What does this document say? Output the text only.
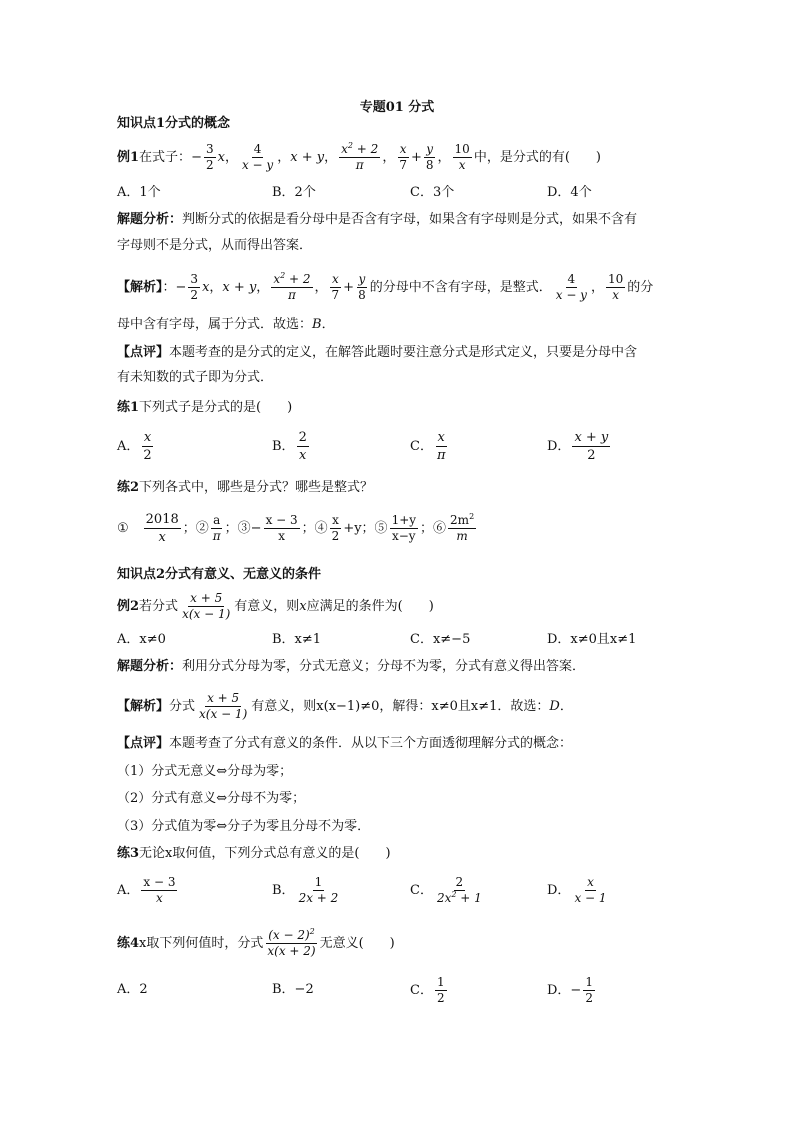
专题01 分式
知识点1分式的概念
例1在式子：− $\frac{3}{2}$ x， $\frac{4}{x - y}$ ，x + y， $\frac{x^2 + 2}{\pi}$ ， $\frac{x}{7} + \frac{y}{8}$ ， $\frac{10}{x}$ 中，是分式的有(　　)
A．1个	B．2个	C．3个	D．4个
解题分析：判断分式的依据是看分母中是否含有字母，如果含有字母则是分式，如果不含有
字母则不是分式，从而得出答案．
【解析】：− $\frac{3}{2}$ x，x + y， $\frac{x^2 + 2}{\pi}$ ， $\frac{x}{7} + \frac{y}{8}$ 的分母中不含有字母，是整式． $\frac{4}{x - y}$ ， $\frac{10}{x}$ 的分
母中含有字母，属于分式．故选：B．
【点评】本题考查的是分式的定义，在解答此题时要注意分式是形式定义，只要是分母中含
有未知数的式子即为分式．
练1下列式子是分式的是(　　)
A． $\frac{x}{2}$	B． $\frac{2}{x}$	C． $\frac{x}{\pi}$	D． $\frac{x + y}{2}$
练2下列各式中，哪些是分式？哪些是整式？
①　 $\frac{2018}{x}$ ；② $\frac{a}{\pi}$ ；③− $\frac{x - 3}{x}$ ；④ $\frac{x}{2} +y$；⑤ $\frac{1+y}{x-y}$ ；⑥ $\frac{2m^2}{m}$
知识点2分式有意义、无意义的条件
例2若分式 $\frac{x + 5}{x(x - 1)}$ 有意义，则x应满足的条件为(　　)
A．x≠0	B．x≠1	C．x≠−5	D．x≠0且x≠1
解题分析：利用分式分母为零，分式无意义；分母不为零，分式有意义得出答案．
【解析】分式 $\frac{x + 5}{x(x - 1)}$ 有意义，则x(x−1)≠0，解得：x≠0且x≠1．故选：D．
【点评】本题考查了分式有意义的条件．从以下三个方面透彻理解分式的概念：
（1）分式无意义⇔分母为零；
（2）分式有意义⇔分母不为零；
（3）分式值为零⇔分子为零且分母不为零．
练3无论x取何值，下列分式总有意义的是(　　)
A． $\frac{x - 3}{x}$	B． $\frac{1}{2x + 2}$	C． $\frac{2}{2x^2 + 1}$	D． $\frac{x}{x - 1}$
练4x取下列何值时，分式 $\frac{(x - 2)^2}{x(x + 2)}$ 无意义(　　)
A．2	B．−2	C． $\frac{1}{2}$	D．− $\frac{1}{2}$
